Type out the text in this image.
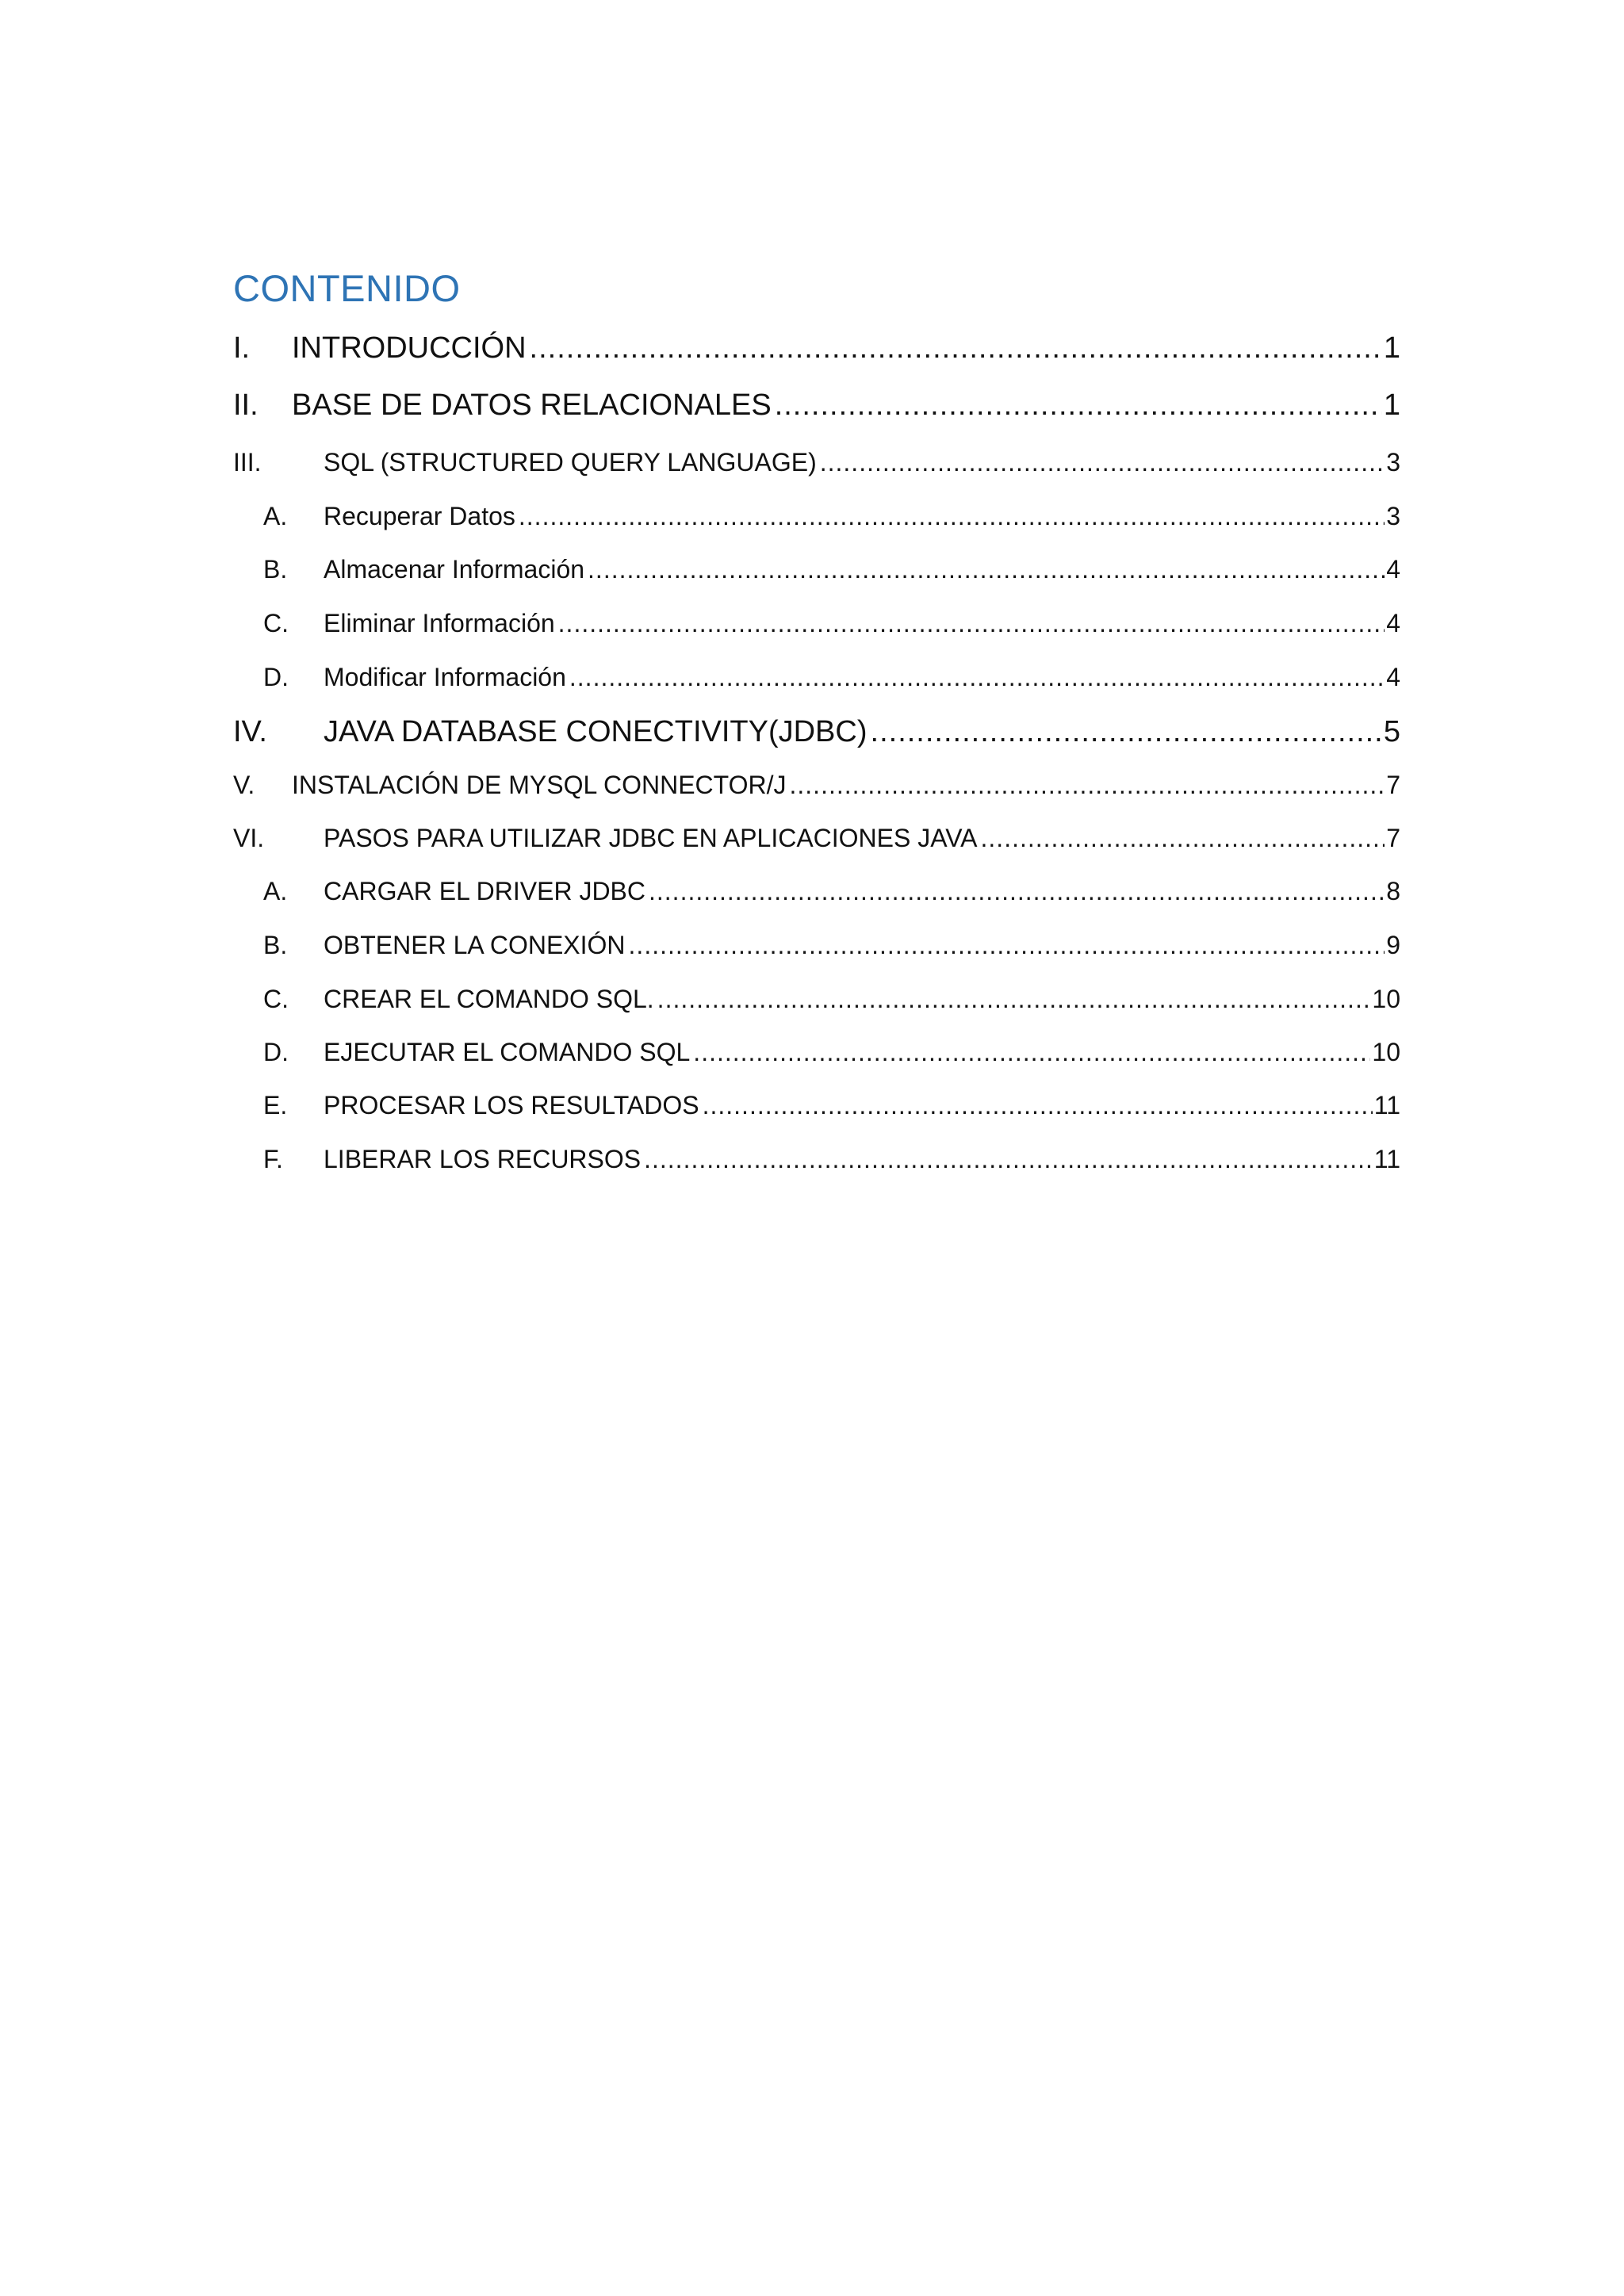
CONTENIDO
I.	INTRODUCCIÓN .....	1
II.	BASE DE DATOS RELACIONALES .....	1
III.	SQL (STRUCTURED QUERY LANGUAGE) .....	3
A.	Recuperar Datos .....	3
B.	Almacenar Información .....	4
C.	Eliminar Información .....	4
D.	Modificar Información .....	4
IV.	JAVA DATABASE CONECTIVITY(JDBC) .....	5
V.	INSTALACIÓN DE MYSQL CONNECTOR/J .....	7
VI.	PASOS PARA UTILIZAR JDBC EN APLICACIONES JAVA .....	7
A.	CARGAR EL DRIVER JDBC .....	8
B.	OBTENER LA CONEXIÓN .....	9
C.	CREAR EL COMANDO SQL. .....	10
D.	EJECUTAR EL COMANDO SQL .....	10
E.	PROCESAR LOS RESULTADOS .....	11
F.	LIBERAR LOS RECURSOS .....	11
